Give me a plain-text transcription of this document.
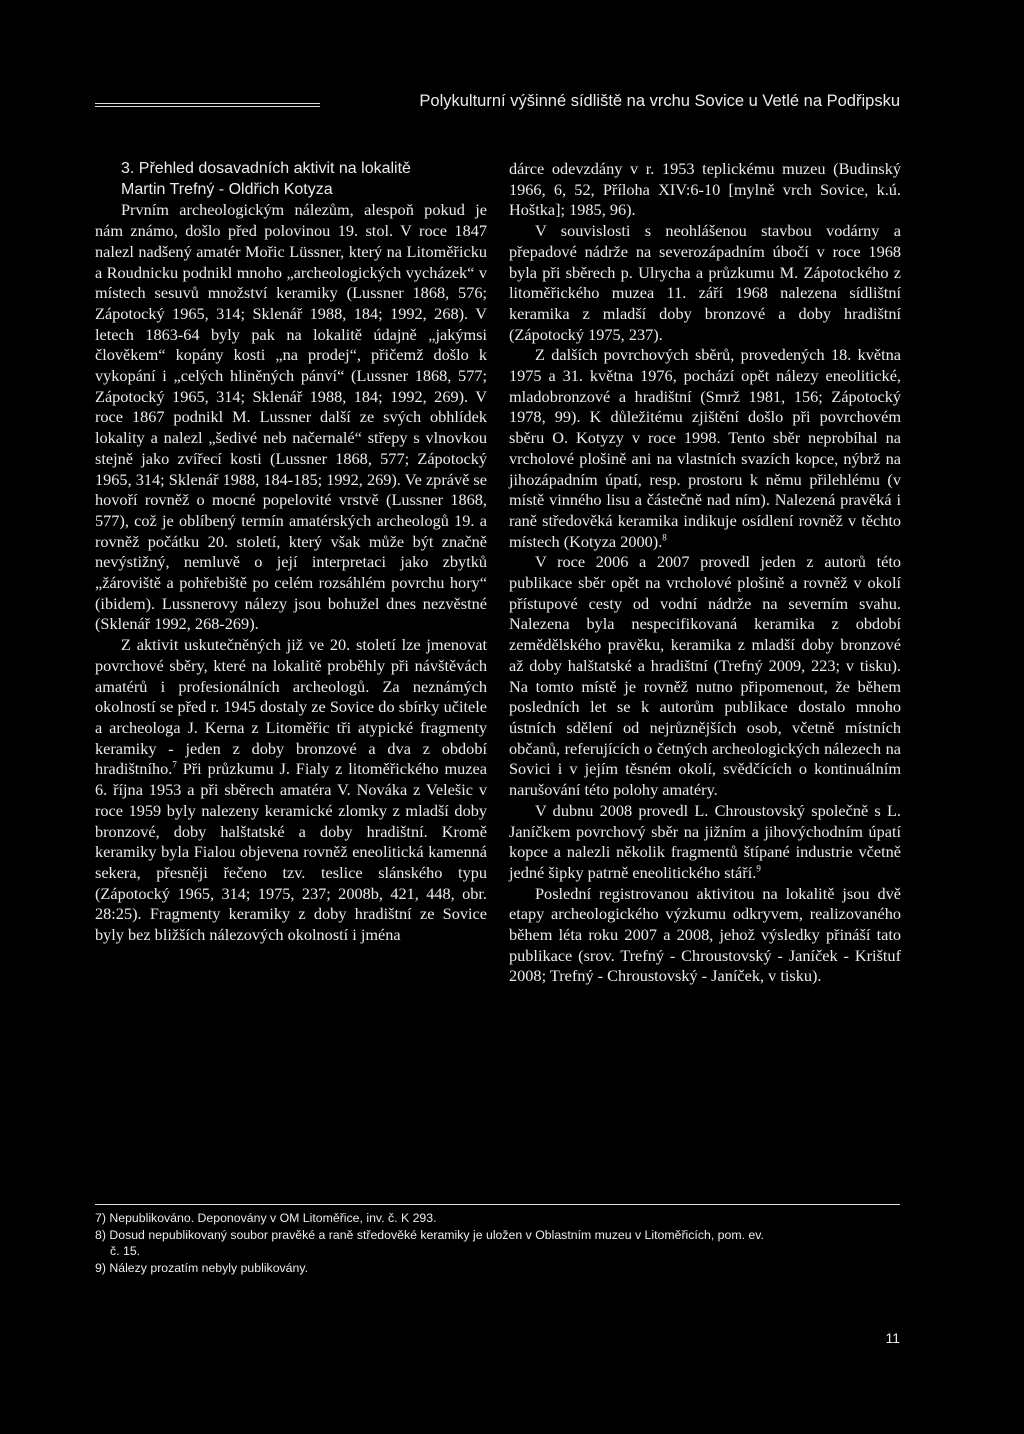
Polykulturní výšinné sídliště na vrchu Sovice u Vetlé na Podřipsku

3. Přehled dosavadních aktivit na lokalitě

Martin Trefný - Oldřich Kotyza

Prvním archeologickým nálezům, alespoň pokud je nám známo, došlo před polovinou 19. stol. V roce 1847 nalezl nadšený amatér Mořic Lüssner, který na Litoměřicku a Roudnicku podnikl mnoho „archeologických vycházek“ v místech sesuvů množství keramiky (Lussner 1868, 576; Zápotocký 1965, 314; Sklenář 1988, 184; 1992, 268). V letech 1863-64 byly pak na lokalitě údajně „jakýmsi člověkem“ kopány kosti „na prodej“, přičemž došlo k vykopání i „celých hliněných pánví“ (Lussner 1868, 577; Zápotocký 1965, 314; Sklenář 1988, 184; 1992, 269). V roce 1867 podnikl M. Lussner další ze svých obhlídek lokality a nalezl „šedivé neb načernalé“ střepy s vlnovkou stejně jako zvířecí kosti (Lussner 1868, 577; Zápotocký 1965, 314; Sklenář 1988, 184-185; 1992, 269). Ve zprávě se hovoří rovněž o mocné popelovité vrstvě (Lussner 1868, 577), což je oblíbený termín amatérských archeologů 19. a rovněž počátku 20. století, který však může být značně nevýstižný, nemluvě o její interpretaci jako zbytků „žároviště a pohřebiště po celém rozsáhlém povrchu hory“ (ibidem). Lussnerovy nálezy jsou bohužel dnes nezvěstné (Sklenář 1992, 268-269).

Z aktivit uskutečněných již ve 20. století lze jmenovat povrchové sběry, které na lokalitě proběhly při návštěvách amatérů i profesionálních archeologů. Za neznámých okolností se před r. 1945 dostaly ze Sovice do sbírky učitele a archeologa J. Kerna z Litoměřic tři atypické fragmenty keramiky - jeden z doby bronzové a dva z období hradištního.$^7$ Při průzkumu J. Fialy z litoměřického muzea 6. října 1953 a při sběrech amatéra V. Nováka z Velešic v roce 1959 byly nalezeny keramické zlomky z mladší doby bronzové, doby halštatské a doby hradištní. Kromě keramiky byla Fialou objevena rovněž eneolitická kamenná sekera, přesněji řečeno tzv. teslice slánského typu (Zápotocký 1965, 314; 1975, 237; 2008b, 421, 448, obr. 28:25). Fragmenty keramiky z doby hradištní ze Sovice byly bez bližších nálezových okolností i jména

dárce odevzdány v r. 1953 teplickému muzeu (Budinský 1966, 6, 52, Příloha XIV:6-10 [mylně vrch Sovice, k.ú. Hoštka]; 1985, 96).

V souvislosti s neohlášenou stavbou vodárny a přepadové nádrže na severozápadním úbočí v roce 1968 byla při sběrech p. Ulrycha a průzkumu M. Zápotockého z litoměřického muzea 11. září 1968 nalezena sídlištní keramika z mladší doby bronzové a doby hradištní (Zápotocký 1975, 237).

Z dalších povrchových sběrů, provedených 18. května 1975 a 31. května 1976, pochází opět nálezy eneolitické, mladobronzové a hradištní (Smrž 1981, 156; Zápotocký 1978, 99). K důležitému zjištění došlo při povrchovém sběru O. Kotyzy v roce 1998. Tento sběr neprobíhal na vrcholové plošině ani na vlastních svazích kopce, nýbrž na jihozápadním úpatí, resp. prostoru k němu přilehlému (v místě vinného lisu a částečně nad ním). Nalezená pravěká i raně středověká keramika indikuje osídlení rovněž v těchto místech (Kotyza 2000).$^8$

V roce 2006 a 2007 provedl jeden z autorů této publikace sběr opět na vrcholové plošině a rovněž v okolí přístupové cesty od vodní nádrže na severním svahu. Nalezena byla nespecifikovaná keramika z období zemědělského pravěku, keramika z mladší doby bronzové až doby halštatské a hradištní (Trefný 2009, 223; v tisku). Na tomto místě je rovněž nutno připomenout, že během posledních let se k autorům publikace dostalo mnoho ústních sdělení od nejrůznějších osob, včetně místních občanů, referujících o četných archeologických nálezech na Sovici i v jejím těsném okolí, svědčících o kontinuálním narušování této polohy amatéry.

V dubnu 2008 provedl L. Chroustovský společně s L. Janíčkem povrchový sběr na jižním a jihovýchodním úpatí kopce a nalezli několik fragmentů štípané industrie včetně jedné šipky patrně eneolitického stáří.$^9$

Poslední registrovanou aktivitou na lokalitě jsou dvě etapy archeologického výzkumu odkryvem, realizovaného během léta roku 2007 a 2008, jehož výsledky přináší tato publikace (srov. Trefný - Chroustovský - Janíček - Krištuf 2008; Trefný - Chroustovský - Janíček, v tisku).

7) Nepublikováno. Deponovány v OM Litoměřice, inv. č. K 293.
8) Dosud nepublikovaný soubor pravěké a raně středověké keramiky je uložen v Oblastním muzeu v Litoměřicích, pom. ev.
č. 15.
9) Nálezy prozatím nebyly publikovány.
11
